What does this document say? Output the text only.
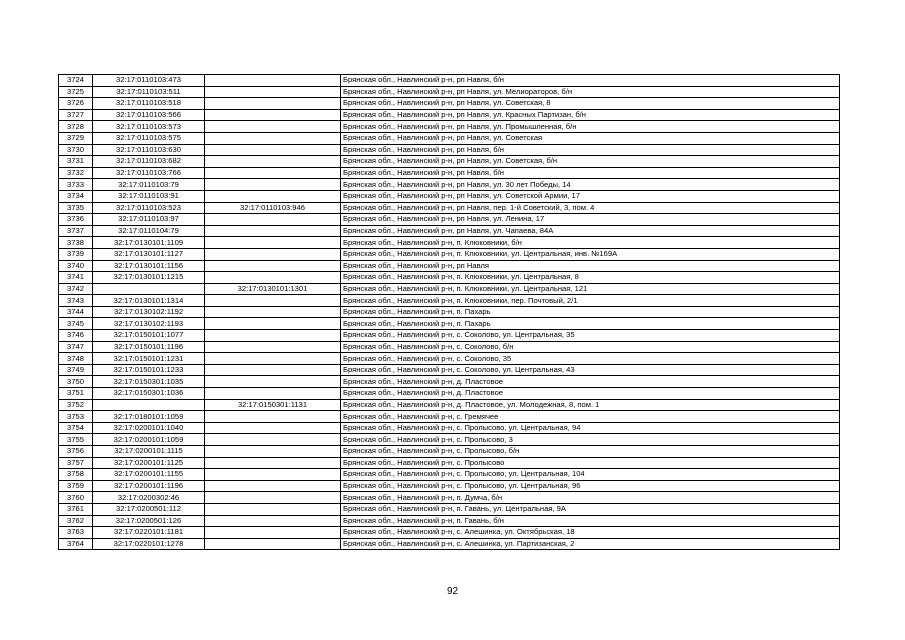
3724	32:17:0110103:473		Брянская обл., Навлинский р-н, рп Навля, б/н
3725	32:17:0110103:511		Брянская обл., Навлинский р-н, рп Навля, ул. Мелиораторов, б/н
3726	32:17:0110103:518		Брянская обл., Навлинский р-н, рп Навля, ул. Советская, 8
3727	32:17:0110103:566		Брянская обл., Навлинский р-н, рп Навля, ул. Красных Партизан, б/н
3728	32:17:0110103:573		Брянская обл., Навлинский р-н, рп Навля, ул. Промышленная, б/н
3729	32:17:0110103:575		Брянская обл., Навлинский р-н, рп Навля, ул. Советская
3730	32:17:0110103:630		Брянская обл., Навлинский р-н, рп Навля, б/н
3731	32:17:0110103:682		Брянская обл., Навлинский р-н, рп Навля, ул. Советская, б/н
3732	32:17:0110103:766		Брянская обл., Навлинский р-н, рп Навля, б/н
3733	32:17:0110103:79		Брянская обл., Навлинский р-н, рп Навля, ул. 30 лет Победы, 14
3734	32:17:0110103:91		Брянская обл., Навлинский р-н, рп Навля, ул. Советской Армии, 17
3735	32:17:0110103:523	32:17:0110103:946	Брянская обл., Навлинский р-н, рп Навля, пер. 1-й Советский, 3, пом. 4
3736	32:17:0110103:97		Брянская обл., Навлинский р-н, рп Навля, ул. Ленина, 17
3737	32:17:0110104:79		Брянская обл., Навлинский р-н, рп Навля, ул. Чапаева, 84А
3738	32:17:0130101:1109		Брянская обл., Навлинский р-н, п. Клюковники, б/н
3739	32:17:0130101:1127		Брянская обл., Навлинский р-н, п. Клюковники, ул. Центральная, инв. №169А
3740	32:17:0130101:1156		Брянская обл., Навлинский р-н, рп Навля
3741	32:17:0130101:1215		Брянская обл., Навлинский р-н, п. Клюковники, ул. Центральная, 8
3742		32:17:0130101:1301	Брянская обл., Навлинский р-н, п. Клюковники, ул. Центральная, 121
3743	32:17:0130101:1314		Брянская обл., Навлинский р-н, п. Клюковники, пер. Почтовый, 2/1
3744	32:17:0130102:1192		Брянская обл., Навлинский р-н, п. Пахарь
3745	32:17:0130102:1193		Брянская обл., Навлинский р-н, п. Пахарь
3746	32:17:0150101:1077		Брянская обл., Навлинский р-н, с. Соколово, ул. Центральная, 35
3747	32:17:0150101:1196		Брянская обл., Навлинский р-н, с. Соколово, б/н
3748	32:17:0150101:1231		Брянская обл., Навлинский р-н, с. Соколово, 35
3749	32:17:0150101:1233		Брянская обл., Навлинский р-н, с. Соколово, ул. Центральная, 43
3750	32:17:0150301:1035		Брянская обл., Навлинский р-н, д. Пластовое
3751	32:17:0150301:1036		Брянская обл., Навлинский р-н, д. Пластовое
3752		32:17:0150301:1131	Брянская обл., Навлинский р-н, д. Пластовое, ул. Молодежная, 8, пом. 1
3753	32:17:0180101:1059		Брянская обл., Навлинский р-н, с. Гремячее
3754	32:17:0200101:1040		Брянская обл., Навлинский р-н, с. Пролысово, ул. Центральная, 94
3755	32:17:0200101:1059		Брянская обл., Навлинский р-н, с. Пролысово, 3
3756	32:17:0200101:1115		Брянская обл., Навлинский р-н, с. Пролысово, б/н
3757	32:17:0200101:1125		Брянская обл., Навлинский р-н, с. Пролысово
3758	32:17:0200101:1155		Брянская обл., Навлинский р-н, с. Пролысово, ул. Центральная, 104
3759	32:17:0200101:1196		Брянская обл., Навлинский р-н, с. Пролысово, ул. Центральная, 96
3760	32:17:0200302:46		Брянская обл., Навлинский р-н, п. Думча, б/н
3761	32:17:0200501:112		Брянская обл., Навлинский р-н, п. Гавань, ул. Центральная, 9А
3762	32:17:0200501:126		Брянская обл., Навлинский р-н, п. Гавань, б/н
3763	32:17:0220101:1181		Брянская обл., Навлинский р-н, с. Алешинка, ул. Октябрьская, 18
3764	32:17:0220101:1278		Брянская обл., Навлинский р-н, с. Алешинка, ул. Партизанская, 2
92
